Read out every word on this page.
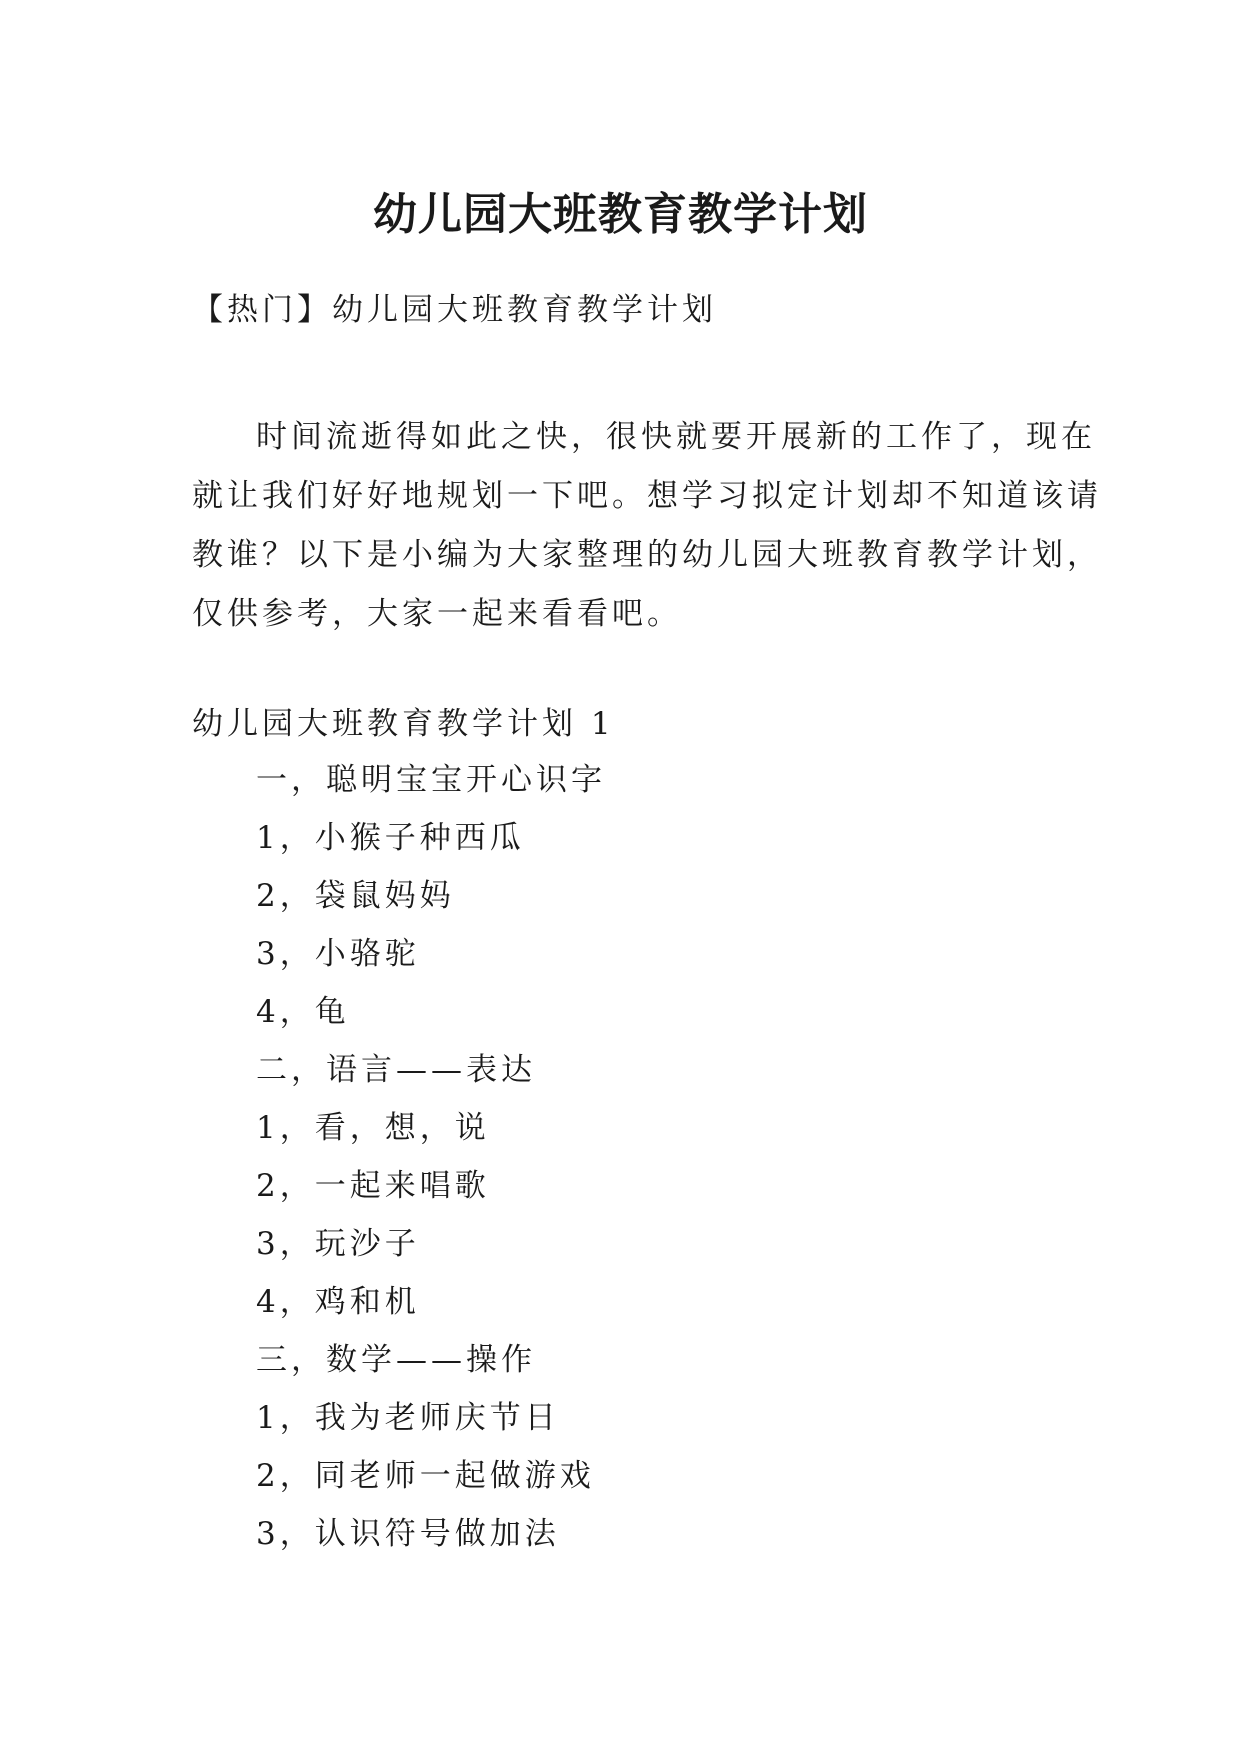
幼儿园大班教育教学计划
【热门】幼儿园大班教育教学计划
时间流逝得如此之快，很快就要开展新的工作了，现在
就让我们好好地规划一下吧。想学习拟定计划却不知道该请
教谁？以下是小编为大家整理的幼儿园大班教育教学计划，
仅供参考，大家一起来看看吧。
幼儿园大班教育教学计划 1
一，聪明宝宝开心识字
1，小猴子种西瓜
2，袋鼠妈妈
3，小骆驼
4，龟
二，语言——表达
1，看，想，说
2，一起来唱歌
3，玩沙子
4，鸡和机
三，数学——操作
1，我为老师庆节日
2，同老师一起做游戏
3，认识符号做加法
